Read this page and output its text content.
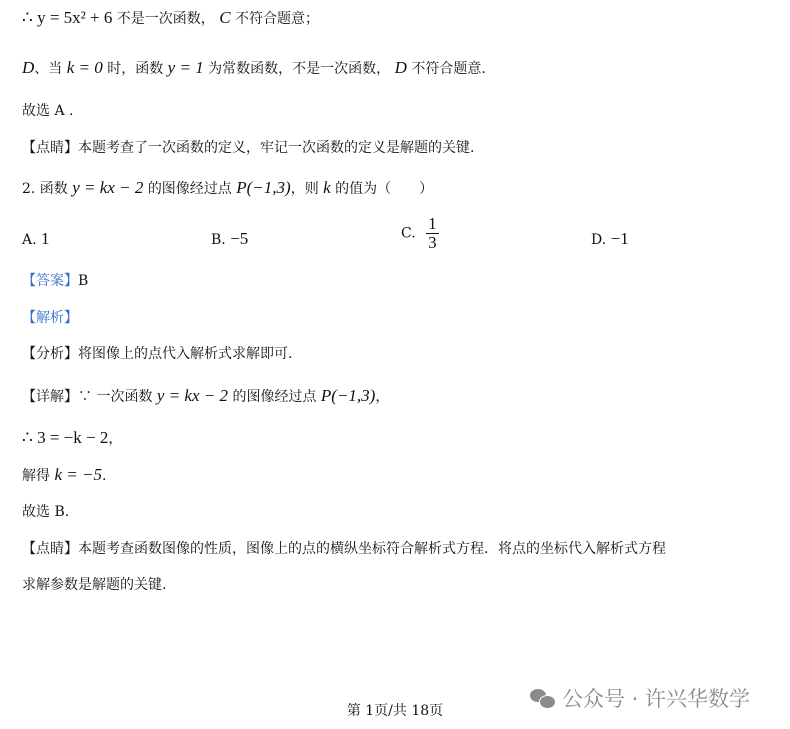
∴ y = 5x² + 6 不是一次函数， C 不符合题意；
D、当 k = 0 时，函数 y = 1 为常数函数，不是一次函数， D 不符合题意.
故选 A .
【点睛】本题考查了一次函数的定义，牢记一次函数的定义是解题的关键.
2. 函数 y = kx − 2 的图像经过点 P(−1,3)，则 k 的值为（　　）
A. 1	B. −5	C. $\frac{1}{3}$	D. −1
【答案】B
【解析】
【分析】将图像上的点代入解析式求解即可.
【详解】∵ 一次函数 y = kx − 2 的图像经过点 P(−1,3)，
∴ 3 = −k − 2，
解得 k = −5.
故选 B.
【点睛】本题考查函数图像的性质，图像上的点的横纵坐标符合解析式方程．将点的坐标代入解析式方程
求解参数是解题的关键.
第 1页/共 18页	公众号 · 许兴华数学
